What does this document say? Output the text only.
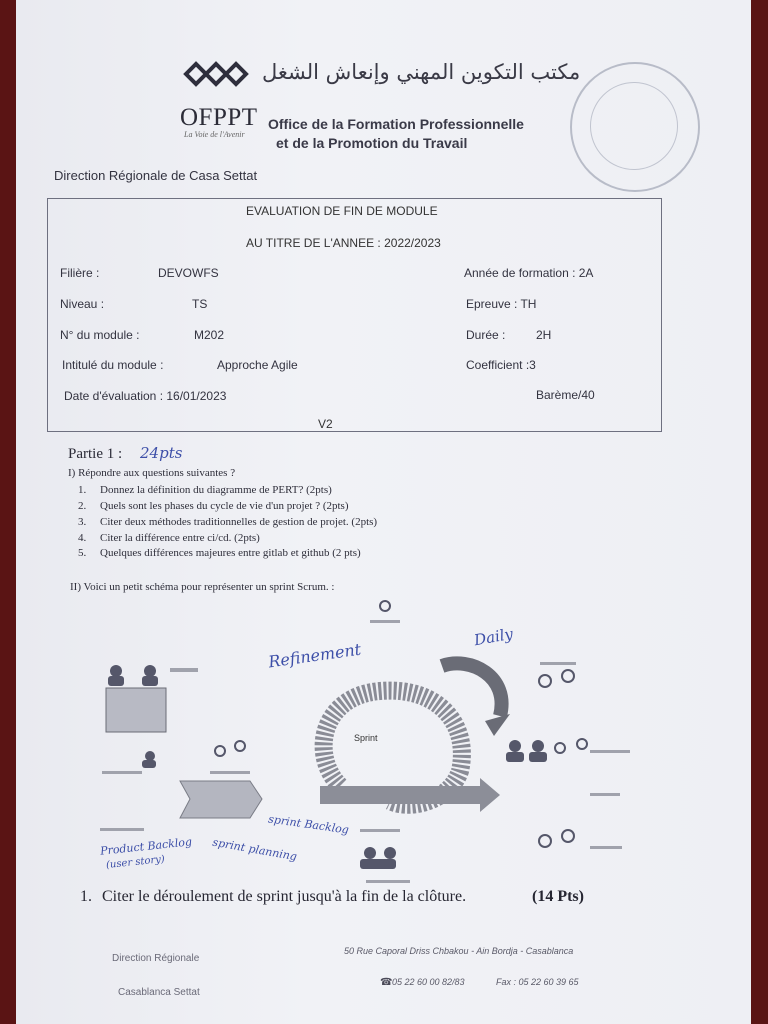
مكتب التكوين المهني وإنعاش الشغل
OFPPT
La Voie de l'Avenir
Office de la Formation Professionnelle
et de la Promotion du Travail
Direction Régionale de Casa Settat
EVALUATION DE FIN DE MODULE
AU TITRE DE L'ANNEE : 2022/2023
Filière :	DEVOWFS	Année de formation : 2A
Niveau :	TS	Epreuve : TH
N° du module :	M202	Durée :	2H
Intitulé du module :	Approche Agile	Coefficient :3
Date d'évaluation : 16/01/2023	Barème/40
V2
Partie 1 : 24pts
I) Répondre aux questions suivantes ?
1. Donnez la définition du diagramme de PERT? (2pts)
2. Quels sont les phases du cycle de vie d'un projet ? (2pts)
3. Citer deux méthodes traditionnelles de gestion de projet. (2pts)
4. Citer la différence entre ci/cd. (2pts)
5. Quelques différences majeures entre gitlab et github (2 pts)
II) Voici un petit schéma pour représenter un sprint Scrum. :
Sprint
Refinement
Daily
Product Backlog
(user story)
sprint Backlog
sprint planning
1. Citer le déroulement de sprint jusqu'à la fin de la clôture.	(14 Pts)
Direction Régionale
Casablanca Settat
50 Rue Caporal Driss Chbakou - Ain Bordja - Casablanca
☎ 05 22 60 00 82/83	Fax : 05 22 60 39 65
